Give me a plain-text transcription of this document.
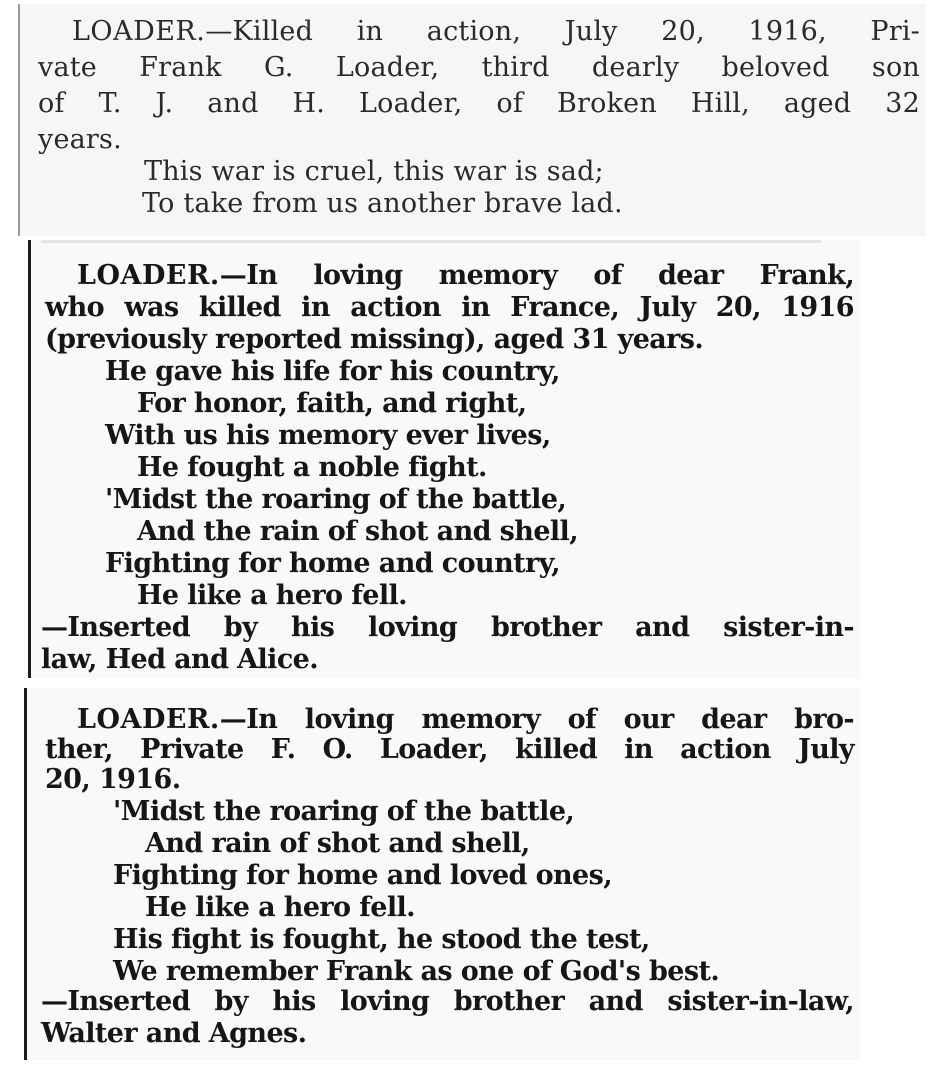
LOADER.—Killed in action, July 20, 1916, Pri-
vate Frank G. Loader, third dearly beloved son
of T. J. and H. Loader, of Broken Hill, aged 32
years.
This war is cruel, this war is sad;
To take from us another brave lad.
LOADER.—In loving memory of dear Frank,
who was killed in action in France, July 20, 1916
(previously reported missing), aged 31 years.
He gave his life for his country,
For honor, faith, and right,
With us his memory ever lives,
He fought a noble fight.
'Midst the roaring of the battle,
And the rain of shot and shell,
Fighting for home and country,
He like a hero fell.
—Inserted by his loving brother and sister-in-
law, Hed and Alice.
LOADER.—In loving memory of our dear bro-
ther, Private F. O. Loader, killed in action July
20, 1916.
'Midst the roaring of the battle,
And rain of shot and shell,
Fighting for home and loved ones,
He like a hero fell.
His fight is fought, he stood the test,
We remember Frank as one of God's best.
—Inserted by his loving brother and sister-in-law,
Walter and Agnes.
